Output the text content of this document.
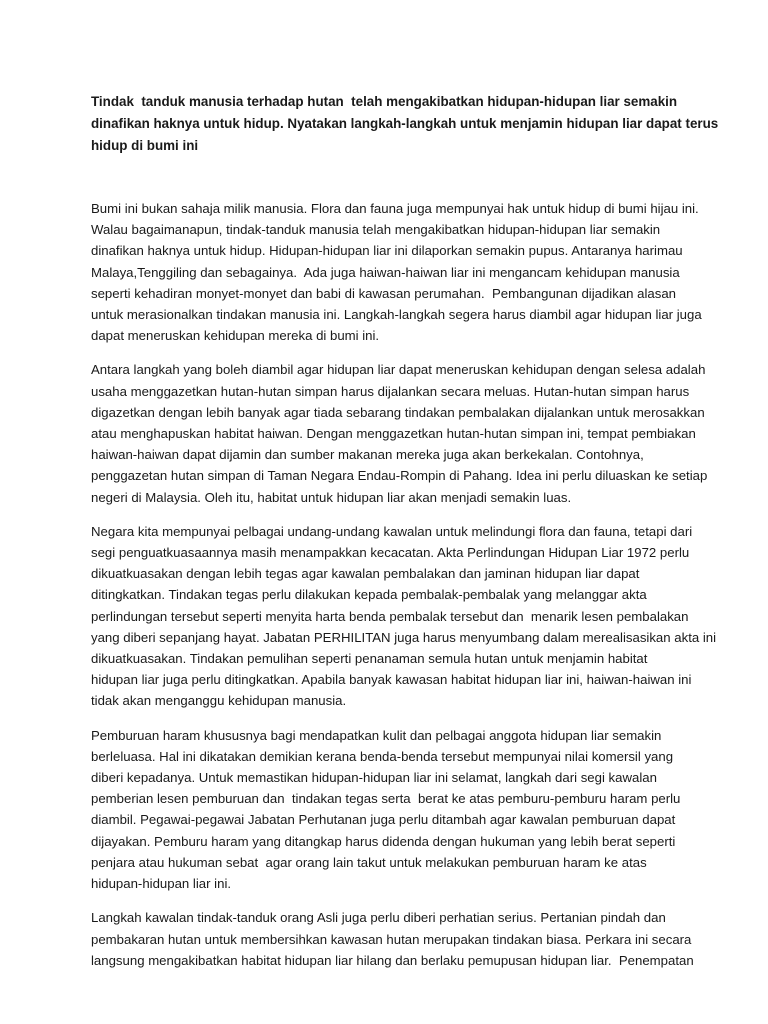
Tindak  tanduk manusia terhadap hutan  telah mengakibatkan hidupan-hidupan liar semakin
dinafikan haknya untuk hidup. Nyatakan langkah-langkah untuk menjamin hidupan liar dapat terus
hidup di bumi ini
Bumi ini bukan sahaja milik manusia. Flora dan fauna juga mempunyai hak untuk hidup di bumi hijau ini.
Walau bagaimanapun, tindak-tanduk manusia telah mengakibatkan hidupan-hidupan liar semakin
dinafikan haknya untuk hidup. Hidupan-hidupan liar ini dilaporkan semakin pupus. Antaranya harimau
Malaya,Tenggiling dan sebagainya.  Ada juga haiwan-haiwan liar ini mengancam kehidupan manusia
seperti kehadiran monyet-monyet dan babi di kawasan perumahan.  Pembangunan dijadikan alasan
untuk merasionalkan tindakan manusia ini. Langkah-langkah segera harus diambil agar hidupan liar juga
dapat meneruskan kehidupan mereka di bumi ini.
Antara langkah yang boleh diambil agar hidupan liar dapat meneruskan kehidupan dengan selesa adalah
usaha menggazetkan hutan-hutan simpan harus dijalankan secara meluas. Hutan-hutan simpan harus
digazetkan dengan lebih banyak agar tiada sebarang tindakan pembalakan dijalankan untuk merosakkan
atau menghapuskan habitat haiwan. Dengan menggazetkan hutan-hutan simpan ini, tempat pembiakan
haiwan-haiwan dapat dijamin dan sumber makanan mereka juga akan berkekalan. Contohnya,
penggazetan hutan simpan di Taman Negara Endau-Rompin di Pahang. Idea ini perlu diluaskan ke setiap
negeri di Malaysia. Oleh itu, habitat untuk hidupan liar akan menjadi semakin luas.
Negara kita mempunyai pelbagai undang-undang kawalan untuk melindungi flora dan fauna, tetapi dari
segi penguatkuasaannya masih menampakkan kecacatan. Akta Perlindungan Hidupan Liar 1972 perlu
dikuatkuasakan dengan lebih tegas agar kawalan pembalakan dan jaminan hidupan liar dapat
ditingkatkan. Tindakan tegas perlu dilakukan kepada pembalak-pembalak yang melanggar akta
perlindungan tersebut seperti menyita harta benda pembalak tersebut dan  menarik lesen pembalakan
yang diberi sepanjang hayat. Jabatan PERHILITAN juga harus menyumbang dalam merealisasikan akta ini
dikuatkuasakan. Tindakan pemulihan seperti penanaman semula hutan untuk menjamin habitat
hidupan liar juga perlu ditingkatkan. Apabila banyak kawasan habitat hidupan liar ini, haiwan-haiwan ini
tidak akan menganggu kehidupan manusia.
Pemburuan haram khususnya bagi mendapatkan kulit dan pelbagai anggota hidupan liar semakin
berleluasa. Hal ini dikatakan demikian kerana benda-benda tersebut mempunyai nilai komersil yang
diberi kepadanya. Untuk memastikan hidupan-hidupan liar ini selamat, langkah dari segi kawalan
pemberian lesen pemburuan dan  tindakan tegas serta  berat ke atas pemburu-pemburu haram perlu
diambil. Pegawai-pegawai Jabatan Perhutanan juga perlu ditambah agar kawalan pemburuan dapat
dijayakan. Pemburu haram yang ditangkap harus didenda dengan hukuman yang lebih berat seperti
penjara atau hukuman sebat  agar orang lain takut untuk melakukan pemburuan haram ke atas
hidupan-hidupan liar ini.
Langkah kawalan tindak-tanduk orang Asli juga perlu diberi perhatian serius. Pertanian pindah dan
pembakaran hutan untuk membersihkan kawasan hutan merupakan tindakan biasa. Perkara ini secara
langsung mengakibatkan habitat hidupan liar hilang dan berlaku pemupusan hidupan liar.  Penempatan
